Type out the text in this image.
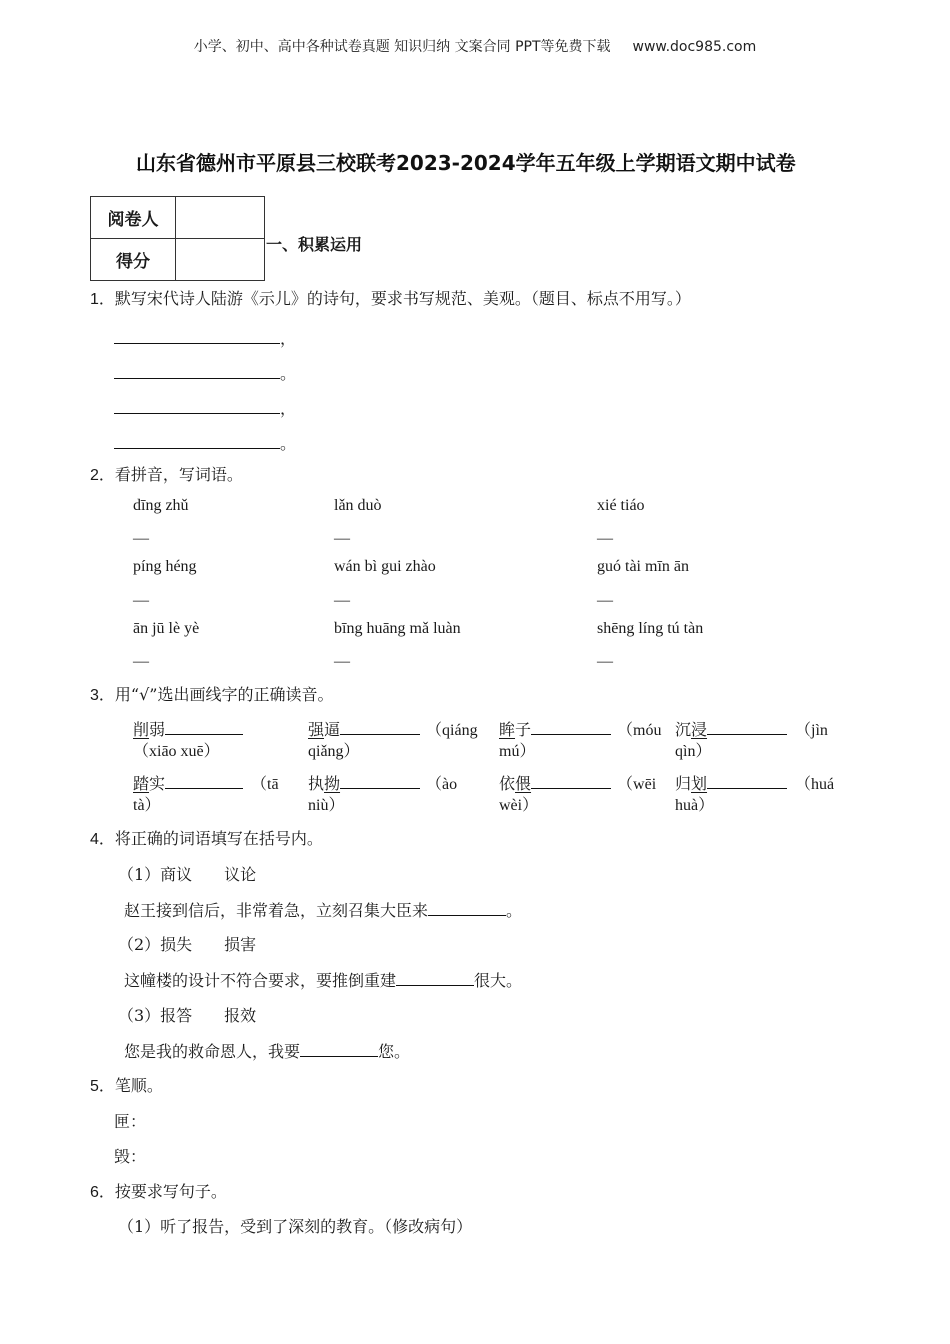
小学、初中、高中各种试卷真题 知识归纳 文案合同 PPT等免费下载 www.doc985.com
山东省德州市平原县三校联考2023-2024学年五年级上学期语文期中试卷
阅卷人	
得分	
一、积累运用
1．默写宋代诗人陆游《示儿》的诗句，要求书写规范、美观。（题目、标点不用写。）
，
。
，
。
2．看拼音，写词语。
dīng zhǔ	lǎn duò	xié tiáo
—	—	—
píng héng	wán bì gui zhào	guó tài mīn ān
—	—	—
ān jū lè yè	bīng huāng mǎ luàn	shēng líng tú tàn
—	—	—
3．用“√”选出画线字的正确读音。
削弱
（xiāo xuē）
强逼	（qiáng
qiǎng）
眸子	（móu
mú）
沉浸	（jìn
qìn）
踏实	（tā
tà）
执拗	（ào
niù）
依偎	（wēi
wèi）
归划	（huá
huà）
4．将正确的词语填写在括号内。
（1）商议　　议论
赵王接到信后，非常着急，立刻召集大臣来	。
（2）损失　　损害
这幢楼的设计不符合要求，要推倒重建	很大。
（3）报答　　报效
您是我的救命恩人，我要	您。
5．笔顺。
匣：
毁：
6．按要求写句子。
（1）听了报告，受到了深刻的教育。（修改病句）
